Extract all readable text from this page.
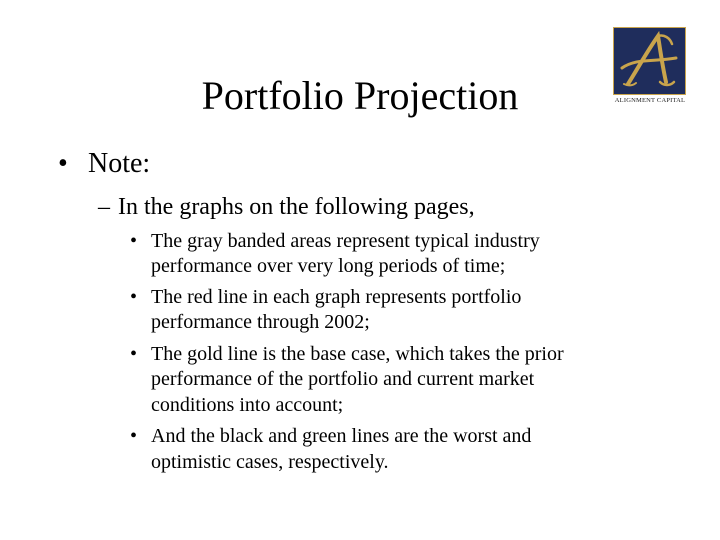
Portfolio Projection	ALIGNMENT CAPITAL
• Note:
– In the graphs on the following pages,
• The gray banded areas represent typical industry
performance over very long periods of time;
• The red line in each graph represents portfolio
performance through 2002;
• The gold line is the base case, which takes the prior
performance of the portfolio and current market
conditions into account;
• And the black and green lines are the worst and
optimistic cases, respectively.
